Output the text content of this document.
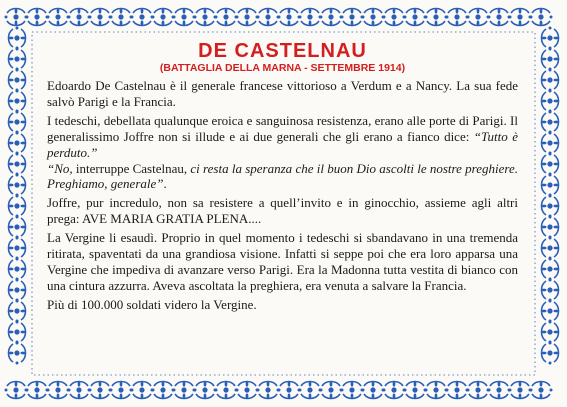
DE CASTELNAU

(BATTAGLIA DELLA MARNA - SETTEMBRE 1914)

Edoardo De Castelnau è il generale francese vittorioso a Verdum e a Nancy. La sua fede salvò Parigi e la Francia.

I tedeschi, debellata qualunque eroica e sanguinosa resistenza, erano alle porte di Parigi. Il generalissimo Joffre non si illude e ai due generali che gli erano a fianco dice: “Tutto è perduto.”

“No, interruppe Castelnau, ci resta la speranza che il buon Dio ascolti le nostre preghiere. Preghiamo, generale”.

Joffre, pur incredulo, non sa resistere a quell’invito e in ginocchio, assieme agli altri prega: AVE MARIA GRATIA PLENA....

La Vergine li esaudì. Proprio in quel momento i tedeschi si sbandavano in una tremenda ritirata, spaventati da una grandiosa visione. Infatti si seppe poi che era loro apparsa una Vergine che impediva di avanzare verso Parigi. Era la Madonna tutta vestita di bianco con una cintura azzurra. Aveva ascoltata la preghiera, era venuta a salvare la Francia.

Più di 100.000 soldati videro la Vergine.
